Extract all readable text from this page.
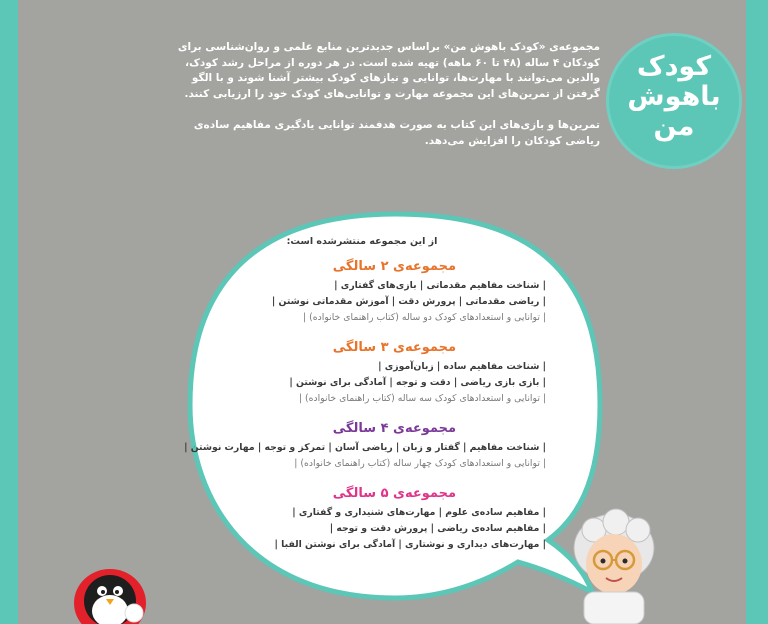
مجموعه‌ی «کودک باهوش من» براساس جدیدترین منابع علمی و روان‌شناسی برای کودکان ۴ ساله (۴۸ تا ۶۰ ماهه) تهیه شده است. در هر دوره از مراحل رشد کودک، والدین می‌توانند با مهارت‌ها، توانایی و نیازهای کودک بیشتر آشنا شوند و با الگو گرفتن از تمرین‌های این مجموعه مهارت و توانایی‌های کودک خود را ارزیابی کنند.

تمرین‌ها و بازی‌های این کتاب به صورت هدفمند توانایی یادگیری مفاهیم ساده‌ی ریاضی کودکان را افزایش می‌دهد.

کودک
باهوش
من
از این مجموعه منتشرشده است:
مجموعه‌ی ۲ سالگی
| شناخت مفاهیم مقدماتی | بازی‌های گفتاری |
| ریاضی مقدماتی | پرورش دقت | آموزش مقدماتی نوشتن |
| توانایی و استعدادهای کودک دو ساله (کتاب راهنمای خانواده) |
مجموعه‌ی ۳ سالگی
| شناخت مفاهیم ساده | زبان‌آموزی |
| بازی بازی ریاضی | دقت و توجه | آمادگی برای نوشتن |
| توانایی و استعدادهای کودک سه ساله (کتاب راهنمای خانواده) |
مجموعه‌ی ۴ سالگی
| شناخت مفاهیم | گفتار و زبان | ریاضی آسان | تمرکز و توجه | مهارت نوشتن |
| توانایی و استعدادهای کودک چهار ساله (کتاب راهنمای خانواده) |
مجموعه‌ی ۵ سالگی
| مفاهیم ساده‌ی علوم | مهارت‌های شنیداری و گفتاری |
| مفاهیم ساده‌ی ریاضی | پرورش دقت و توجه |
| مهارت‌های دیداری و نوشتاری | آمادگی برای نوشتن الفبا |
